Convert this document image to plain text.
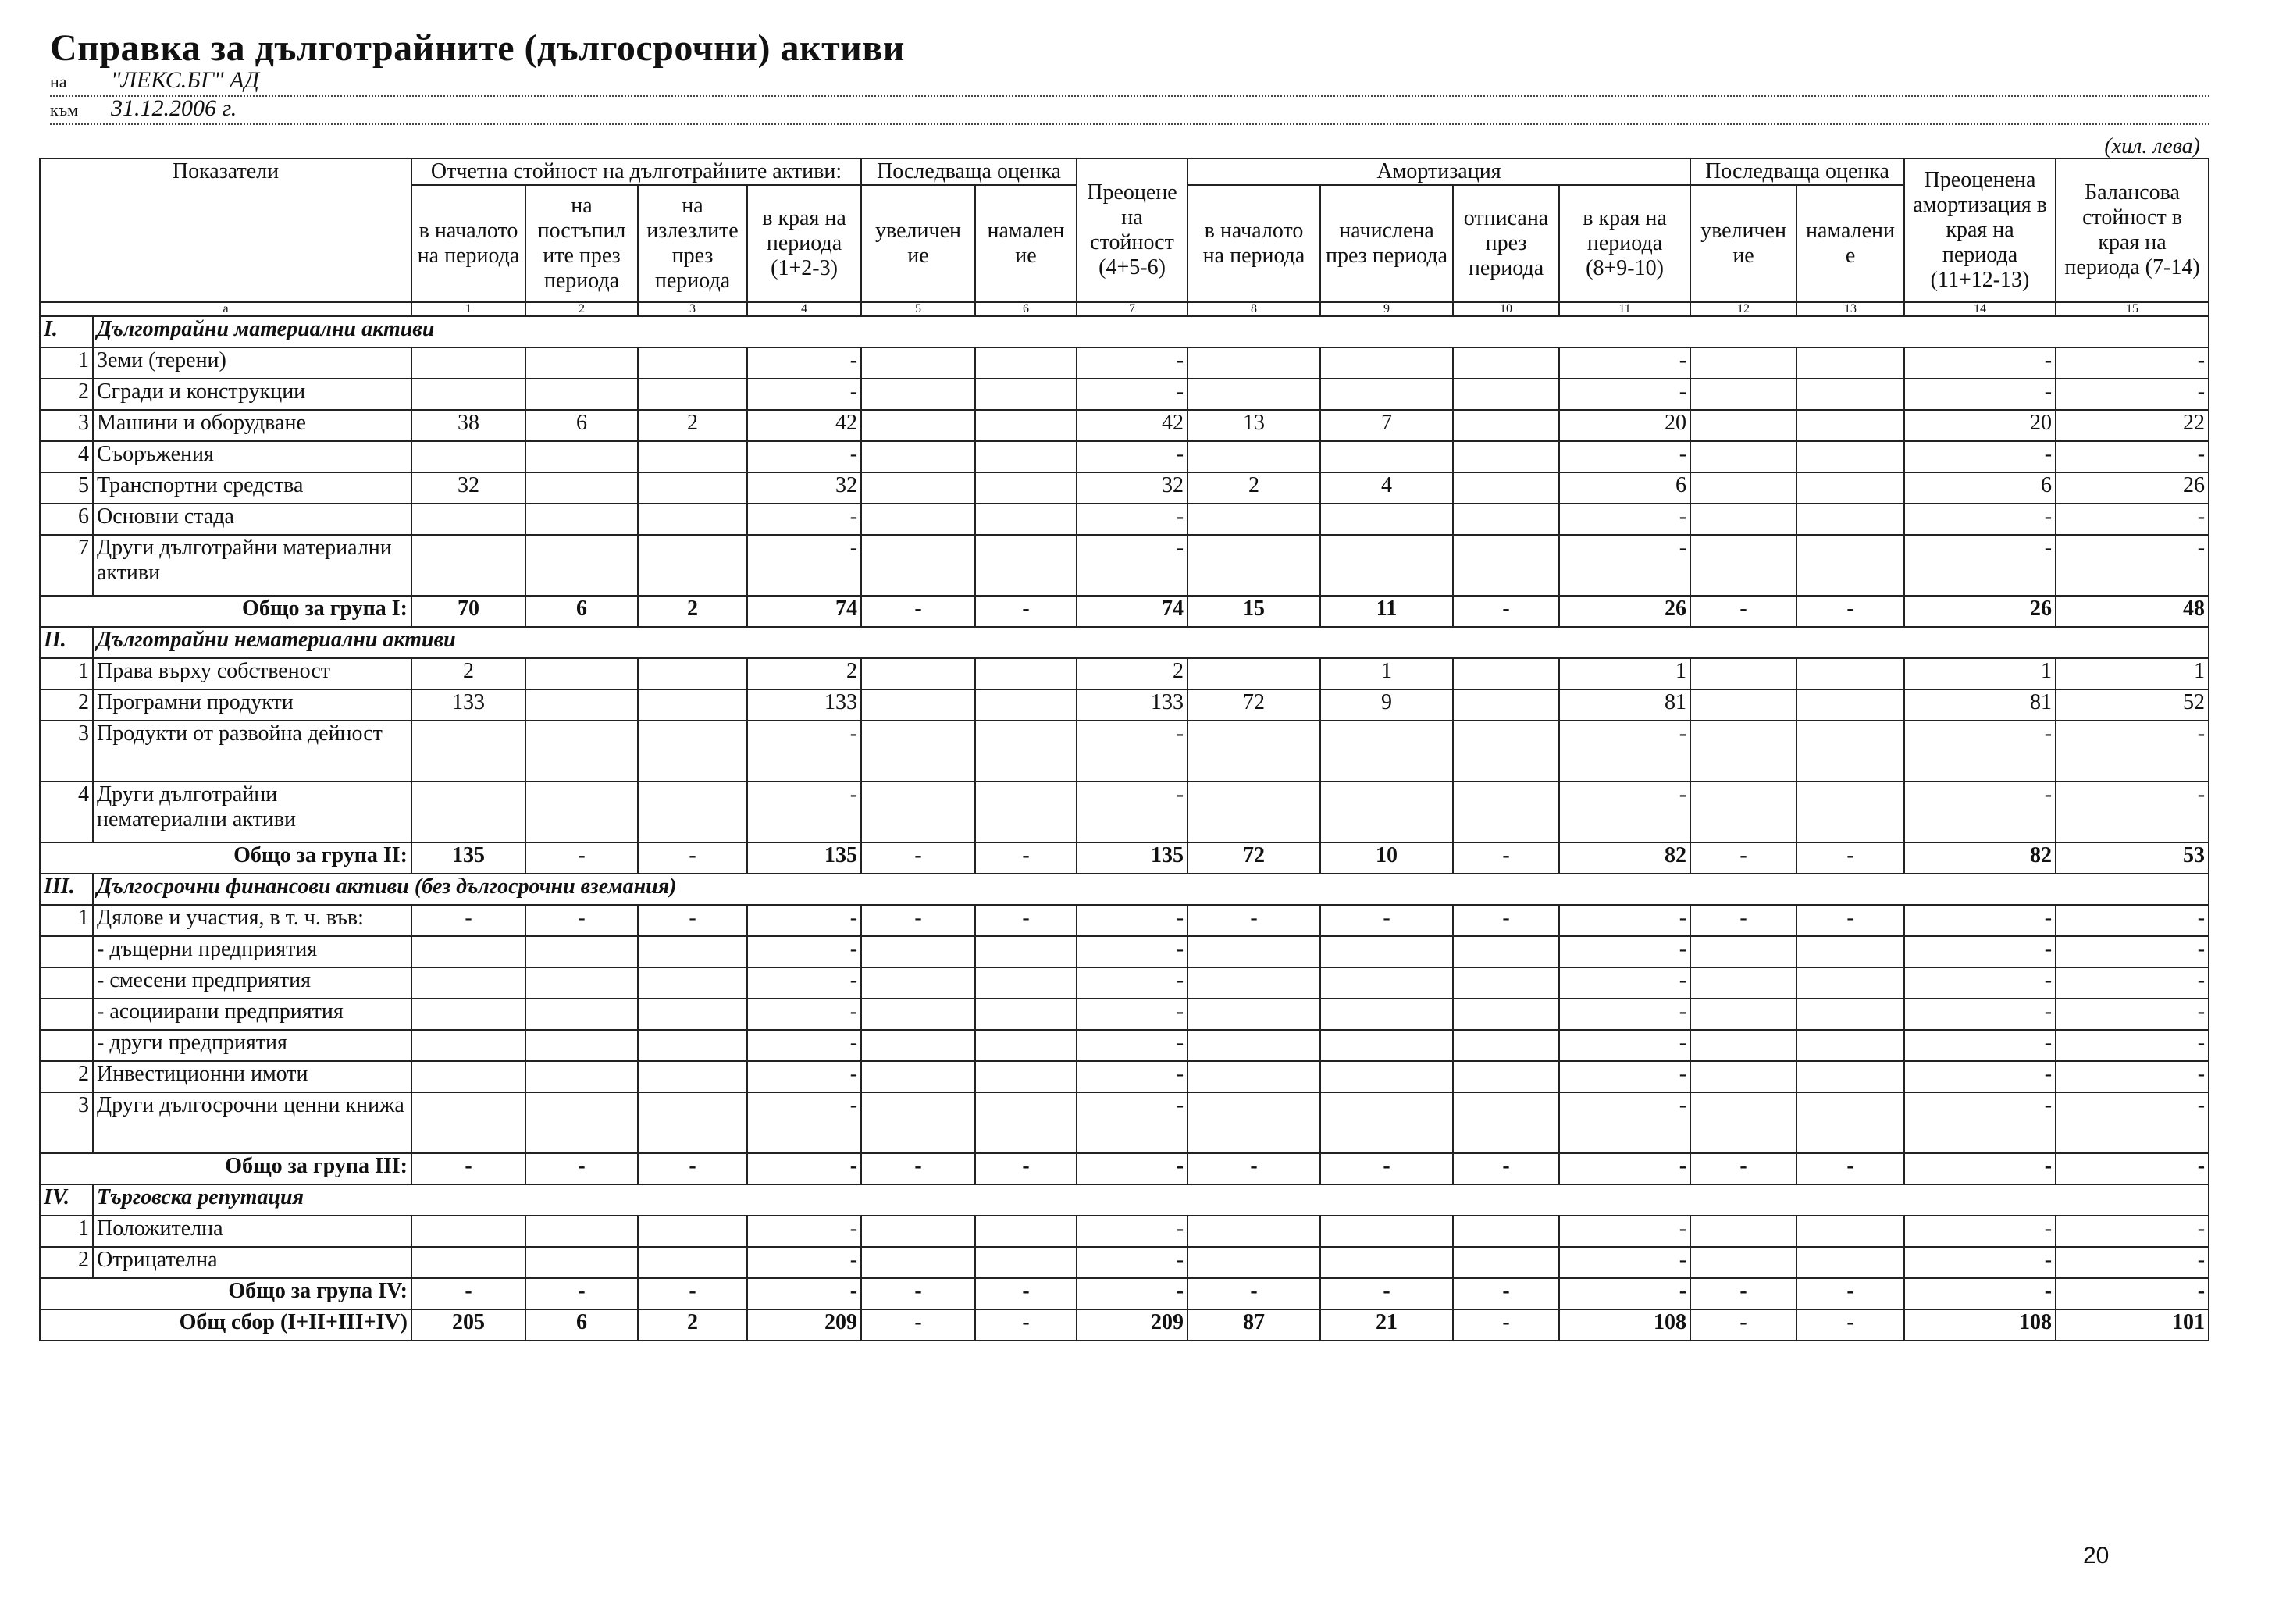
Справка за дълготрайните (дългосрочни) активи
на "ЛЕКС.БГ" АД
към 31.12.2006 г.
(хил. лева)
Показатели		Отчетна стойност на дълготрайните активи:				Последваща оценка		Преоцене на стойност (4+5-6)	Амортизация				Последваща оценка		Преоценена амортизация в края на периода (11+12-13)	Балансова стойност в края на периода (7-14)
		в началото на периода	на постъпил ите през периода	на излезлите през периода	в края на периода (1+2-3)											
						увеличен ие	намален ие		в началото на периода	начислена през периода	отписана през периода	в края на периода (8+9-10)	увеличен ие	намалени е		
а		1	2	3	4	5	6	7	8	9	10	11	12	13	14	15
I.	Дълготрайни материални активи															
1	Земи (терени)				-			-				-			-	-
2	Сгради и конструкции				-			-				-			-	-
3	Машини и оборудване	38	6	2	42			42	13	7		20			20	22
4	Съоръжения				-			-				-			-	-
5	Транспортни средства	32			32			32	2	4		6			6	26
6	Основни стада				-			-				-			-	-
7	Други дълготрайни материални активи				-			-				-			-	-
Общо за група I:		70	6	2	74	-	-	74	15	11	-	26	-	-	26	48
II.	Дълготрайни нематериални активи															
1	Права върху собственост	2			2			2		1		1			1	1
2	Програмни продукти	133			133			133	72	9		81			81	52
3	Продукти от развойна дейност				-			-				-			-	-
4	Други дълготрайни нематериални активи				-			-				-			-	-
Общо за група II:		135	-	-	135	-	-	135	72	10	-	82	-	-	82	53
III.	Дългосрочни финансови активи (без дългосрочни вземания)															
1	Дялове и участия, в т. ч. във:	-	-	-	-	-	-	-	-	-	-	-	-	-	-	-
	- дъщерни предприятия				-			-				-			-	-
	- смесени предприятия				-			-				-			-	-
	- асоциирани предприятия				-			-				-			-	-
	- други предприятия				-			-				-			-	-
2	Инвестиционни имоти				-			-				-			-	-
3	Други дългосрочни ценни книжа				-			-				-			-	-
Общо за група III:		-	-	-	-	-	-	-	-	-	-	-	-	-	-	-
IV.	Търговска репутация															
1	Положителна				-			-				-			-	-
2	Отрицателна				-			-				-			-	-
Общо за група IV:		-	-	-	-	-	-	-	-	-	-	-	-	-	-	-
Общ сбор (I+II+III+IV)		205	6	2	209	-	-	209	87	21	-	108	-	-	108	101
20
